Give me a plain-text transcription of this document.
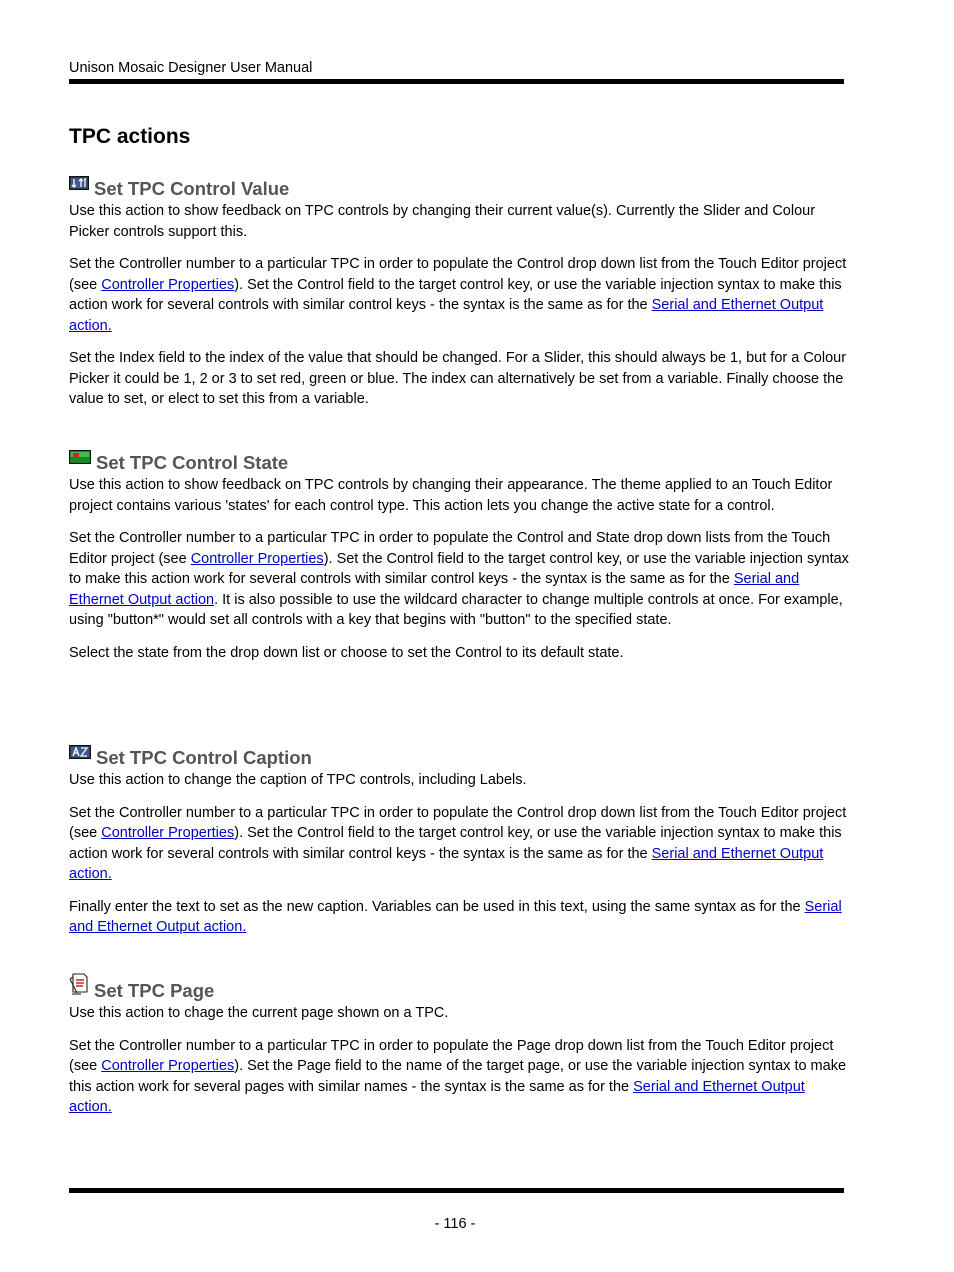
Unison Mosaic Designer User Manual
TPC actions
Set TPC Control Value

Use this action to show feedback on TPC controls by changing their current value(s). Currently the Slider and Colour Picker controls support this.

Set the Controller number to a particular TPC in order to populate the Control drop down list from the Touch Editor project (see Controller Properties). Set the Control field to the target control key, or use the variable injection syntax to make this action work for several controls with similar control keys - the syntax is the same as for the Serial and Ethernet Output action.

Set the Index field to the index of the value that should be changed. For a Slider, this should always be 1, but for a Colour Picker it could be 1, 2 or 3 to set red, green or blue. The index can alternatively be set from a variable. Finally choose the value to set, or elect to set this from a variable.

Set TPC Control State

Use this action to show feedback on TPC controls by changing their appearance. The theme applied to an Touch Editor project contains various 'states' for each control type. This action lets you change the active state for a control.

Set the Controller number to a particular TPC in order to populate the Control and State drop down lists from the Touch Editor project (see Controller Properties). Set the Control field to the target control key, or use the variable injection syntax to make this action work for several controls with similar control keys - the syntax is the same as for the Serial and Ethernet Output action. It is also possible to use the wildcard character to change multiple controls at once. For example, using "button*" would set all controls with a key that begins with "button" to the specified state.

Select the state from the drop down list or choose to set the Control to its default state.

Set TPC Control Caption

Use this action to change the caption of TPC controls, including Labels.

Set the Controller number to a particular TPC in order to populate the Control drop down list from the Touch Editor project (see Controller Properties). Set the Control field to the target control key, or use the variable injection syntax to make this action work for several controls with similar control keys - the syntax is the same as for the Serial and Ethernet Output action.

Finally enter the text to set as the new caption. Variables can be used in this text, using the same syntax as for the Serial and Ethernet Output action.

Set TPC Page

Use this action to chage the current page shown on a TPC.

Set the Controller number to a particular TPC in order to populate the Page drop down list from the Touch Editor project (see Controller Properties). Set the Page field to the name of the target page, or use the variable injection syntax to make this action work for several pages with similar names - the syntax is the same as for the Serial and Ethernet Output action.

- 116 -
